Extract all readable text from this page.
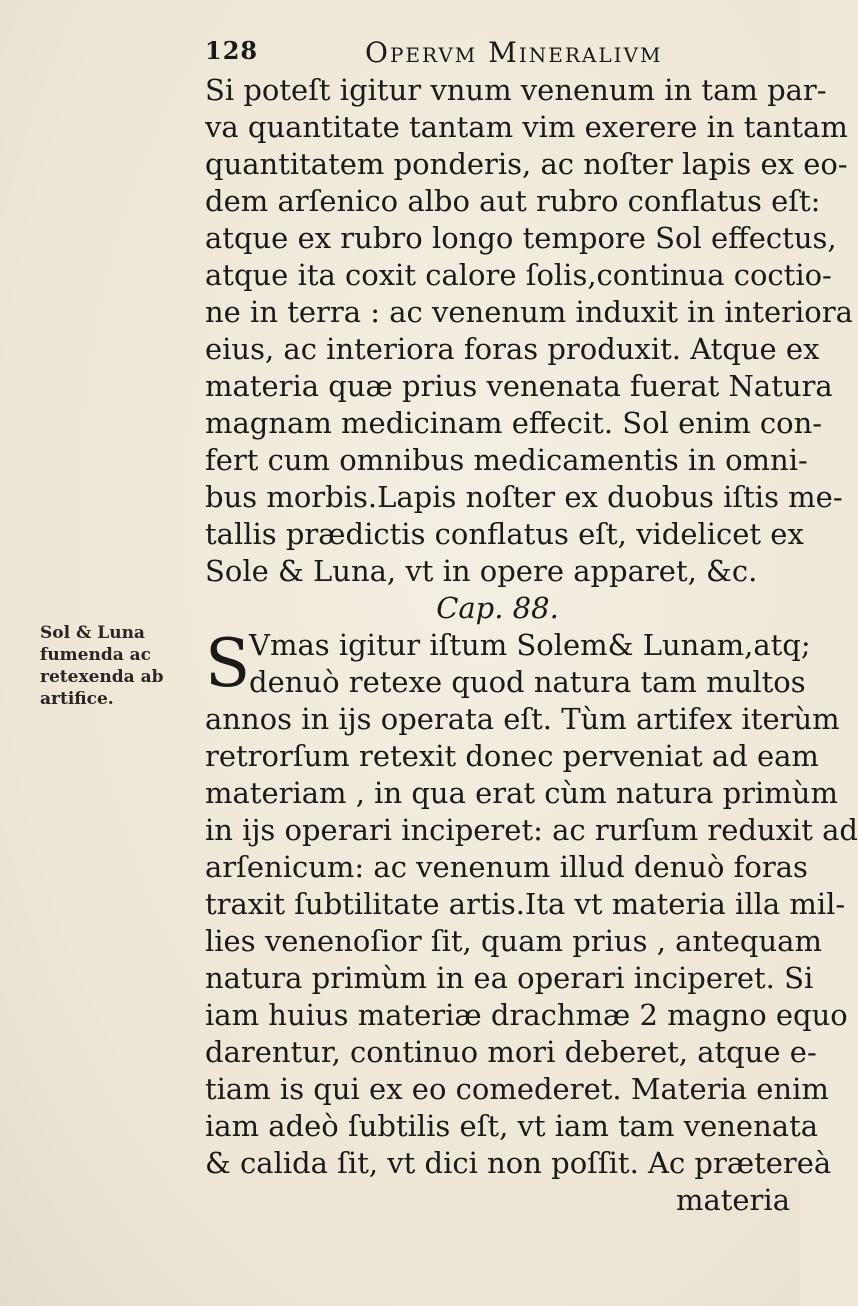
128	Opervm Mineralivm
Sol & Luna
fumenda ac
retexenda ab
artifice.
Si poteſt igitur vnum venenum in tam par-
va quantitate tantam vim exerere in tantam
quantitatem ponderis, ac noſter lapis ex eo-
dem arſenico albo aut rubro conflatus eſt:
atque ex rubro longo tempore Sol effectus,
atque ita coxit calore ſolis,continua coctio-
ne in terra : ac venenum induxit in interiora
eius, ac interiora foras produxit. Atque ex
materia quæ prius venenata fuerat Natura
magnam medicinam effecit. Sol enim con-
fert cum omnibus medicamentis in omni-
bus morbis.Lapis noſter ex duobus iſtis me-
tallis prædictis conflatus eſt, videlicet ex
Sole & Luna, vt in opere apparet, &c.
Cap. 88.
S
Vmas igitur iſtum Solem& Lunam,atq;
denuò retexe quod natura tam multos
annos in ijs operata eſt. Tùm artifex iterùm
retrorſum retexit donec perveniat ad eam
materiam , in qua erat cùm natura primùm
in ijs operari inciperet: ac rurſum reduxit ad
arſenicum: ac venenum illud denuò foras
traxit ſubtilitate artis.Ita vt materia illa mil-
lies venenoſior ſit, quam prius , antequam
natura primùm in ea operari inciperet. Si
iam huius materiæ drachmæ 2 magno equo
darentur, continuo mori deberet, atque e-
tiam is qui ex eo comederet. Materia enim
iam adeò ſubtilis eſt, vt iam tam venenata
& calida ſit, vt dici non poſſit. Ac prætereà
materia
